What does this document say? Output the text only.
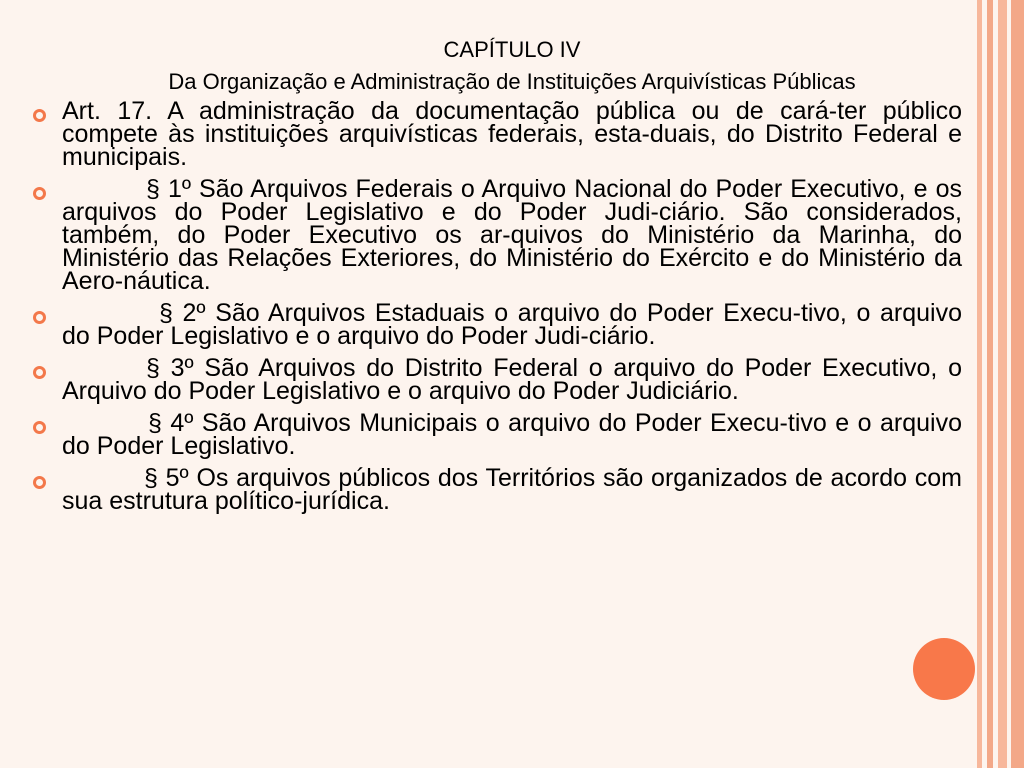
CAPÍTULO IV
Da Organização e Administração de Instituições Arquivísticas Públicas
Art. 17. A administração da documentação pública ou de cará-ter público compete às instituições arquivísticas federais, esta-duais, do Distrito Federal e municipais.
§ 1º São Arquivos Federais o Arquivo Nacional do Poder Executivo, e os arquivos do Poder Legislativo e do Poder Judi-ciário. São considerados, também, do Poder Executivo os ar-quivos do Ministério da Marinha, do Ministério das Relações Exteriores, do Ministério do Exército e do Ministério da Aero-náutica.
§ 2º São Arquivos Estaduais o arquivo do Poder Execu-tivo, o arquivo do Poder Legislativo e o arquivo do Poder Judi-ciário.
§ 3º São Arquivos do Distrito Federal o arquivo do Poder Executivo, o Arquivo do Poder Legislativo e o arquivo do Poder Judiciário.
§ 4º São Arquivos Municipais o arquivo do Poder Execu-tivo e o arquivo do Poder Legislativo.
§ 5º Os arquivos públicos dos Territórios são organizados de acordo com sua estrutura político-jurídica.
